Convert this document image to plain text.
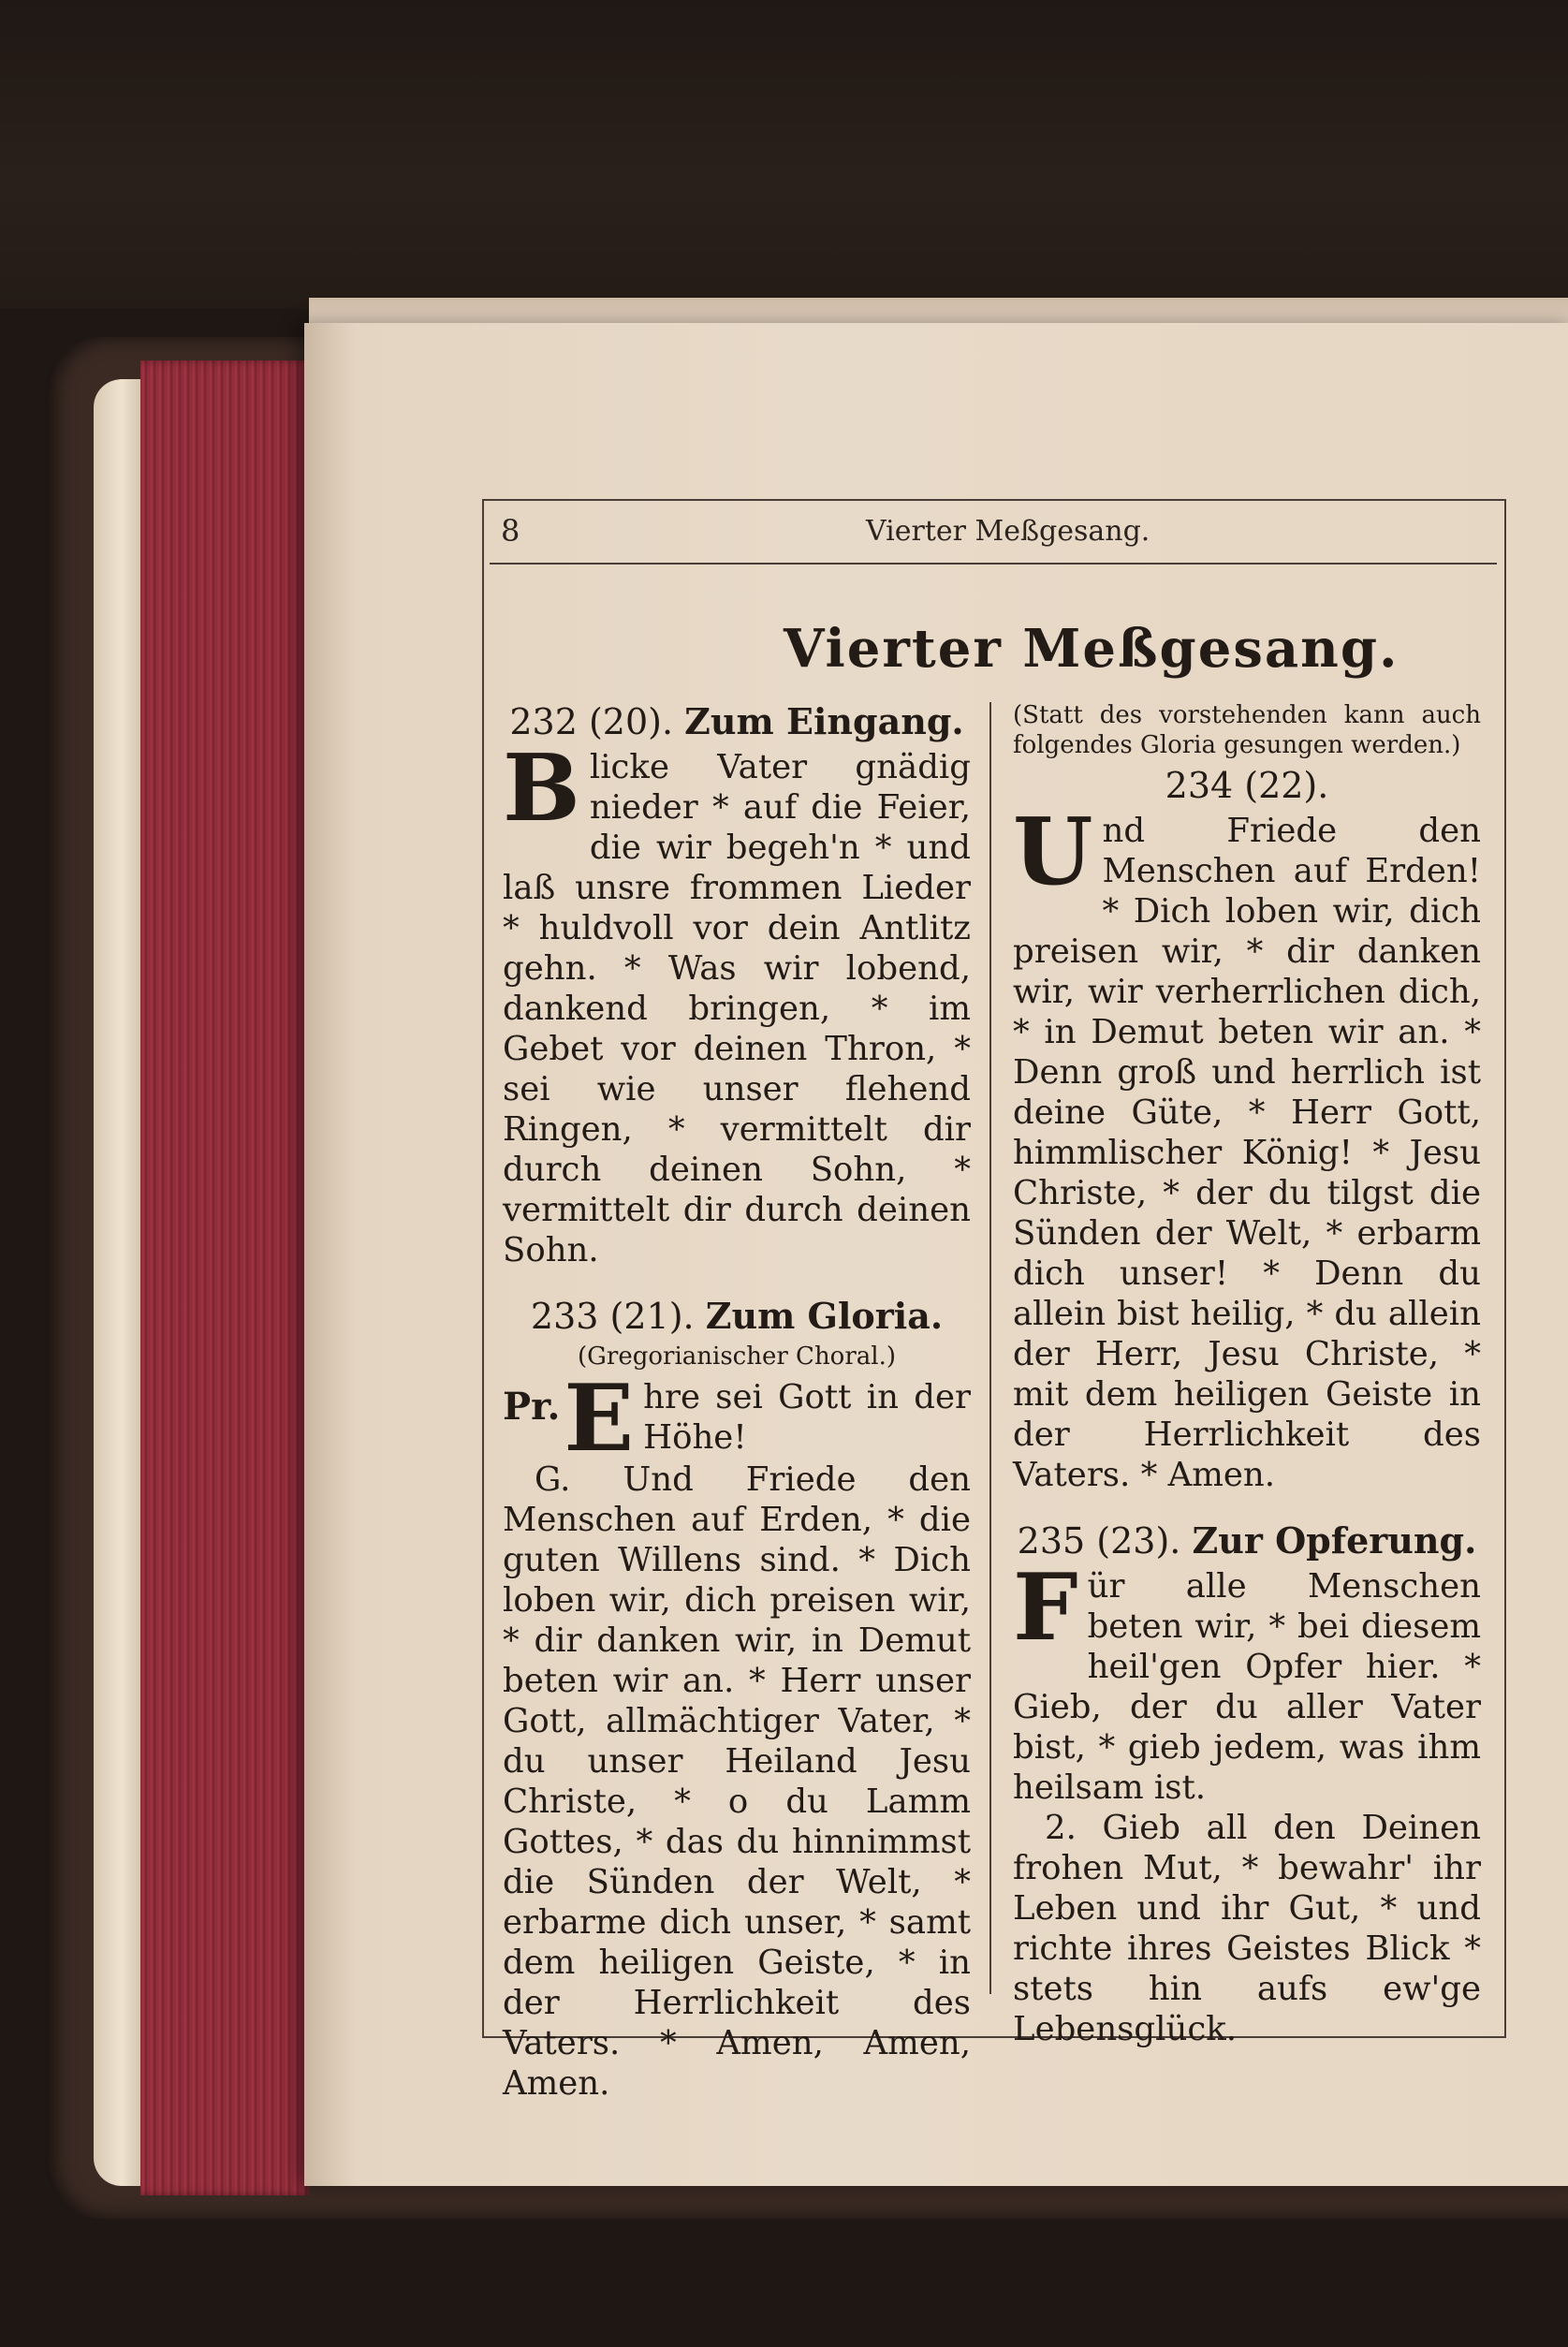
8	Vierter Meßgesang.
Vierter Meßgesang.
232 (20). Zum Eingang.

B licke Vater gnädig nieder * auf die Feier, die wir begeh'n * und laß unsre frommen Lieder * huldvoll vor dein Antlitz gehn. * Was wir lobend, dankend bringen, * im Gebet vor deinen Thron, * sei wie unser flehend Ringen, * vermittelt dir durch deinen Sohn, * vermittelt dir durch deinen Sohn.

233 (21). Zum Gloria.
(Gregorianischer Choral.)

Pr. E hre sei Gott in der Höhe!

G. Und Friede den Menschen auf Erden, * die guten Willens sind. * Dich loben wir, dich preisen wir, * dir danken wir, in Demut beten wir an. * Herr unser Gott, allmächtiger Vater, * du unser Heiland Jesu Christe, * o du Lamm Gottes, * das du hinnimmst die Sünden der Welt, * erbarme dich unser, * samt dem heiligen Geiste, * in der Herrlichkeit des Vaters. * Amen, Amen, Amen.

(Statt des vorstehenden kann auch folgendes Gloria gesungen werden.)

234 (22).

U nd Friede den Menschen auf Erden! * Dich loben wir, dich preisen wir, * dir danken wir, wir verherrlichen dich, * in Demut beten wir an. * Denn groß und herrlich ist deine Güte, * Herr Gott, himmlischer König! * Jesu Christe, * der du tilgst die Sünden der Welt, * erbarm dich unser! * Denn du allein bist heilig, * du allein der Herr, Jesu Christe, * mit dem heiligen Geiste in der Herrlichkeit des Vaters. * Amen.

235 (23). Zur Opferung.

F ür alle Menschen beten wir, * bei diesem heil'gen Opfer hier. * Gieb, der du aller Vater bist, * gieb jedem, was ihm heilsam ist.

2. Gieb all den Deinen frohen Mut, * bewahr' ihr Leben und ihr Gut, * und richte ihres Geistes Blick * stets hin aufs ew'ge Lebensglück.
